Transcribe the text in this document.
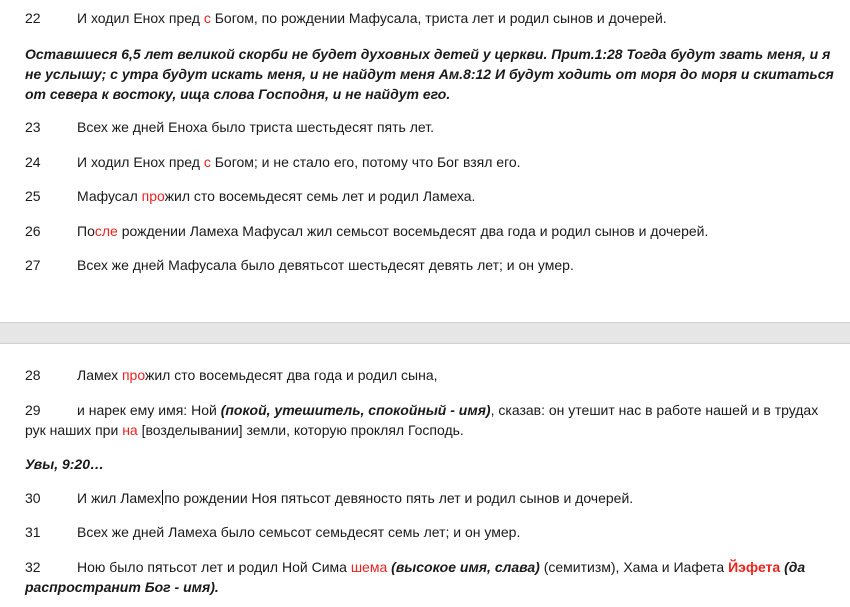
22	И ходил Енох пред с Богом, по рождении Мафусала, триста лет и родил сынов и дочерей.
Оставшиеся 6,5 лет великой скорби не будет духовных детей у церкви. Прит.1:28 Тогда будут звать меня, и я
не услышу; с утра будут искать меня, и не найдут меня Ам.8:12 И будут ходить от моря до моря и скитаться
от севера к востоку, ища слова Господня, и не найдут его.
23	Всех же дней Еноха было триста шестьдесят пять лет.
24	И ходил Енох пред с Богом; и не стало его, потому что Бог взял его.
25	Мафусал прожил сто восемьдесят семь лет и родил Ламеха.
26	После рождении Ламеха Мафусал жил семьсот восемьдесят два года и родил сынов и дочерей.
27	Всех же дней Мафусала было девятьсот шестьдесят девять лет; и он умер.
28	Ламех прожил сто восемьдесят два года и родил сына,
29	и нарек ему имя: Ной (покой, утешитель, спокойный - имя), сказав: он утешит нас в работе нашей и в трудах
рук наших при на [возделывании] земли, которую проклял Господь.
Увы, 9:20…
30	И жил Ламех по рождении Ноя пятьсот девяносто пять лет и родил сынов и дочерей.
31	Всех же дней Ламеха было семьсот семьдесят семь лет; и он умер.
32	Ною было пятьсот лет и родил Ной Сима шема (высокое имя, слава) (семитизм), Хама и Иафета Йэфета (да
распространит Бог - имя).
